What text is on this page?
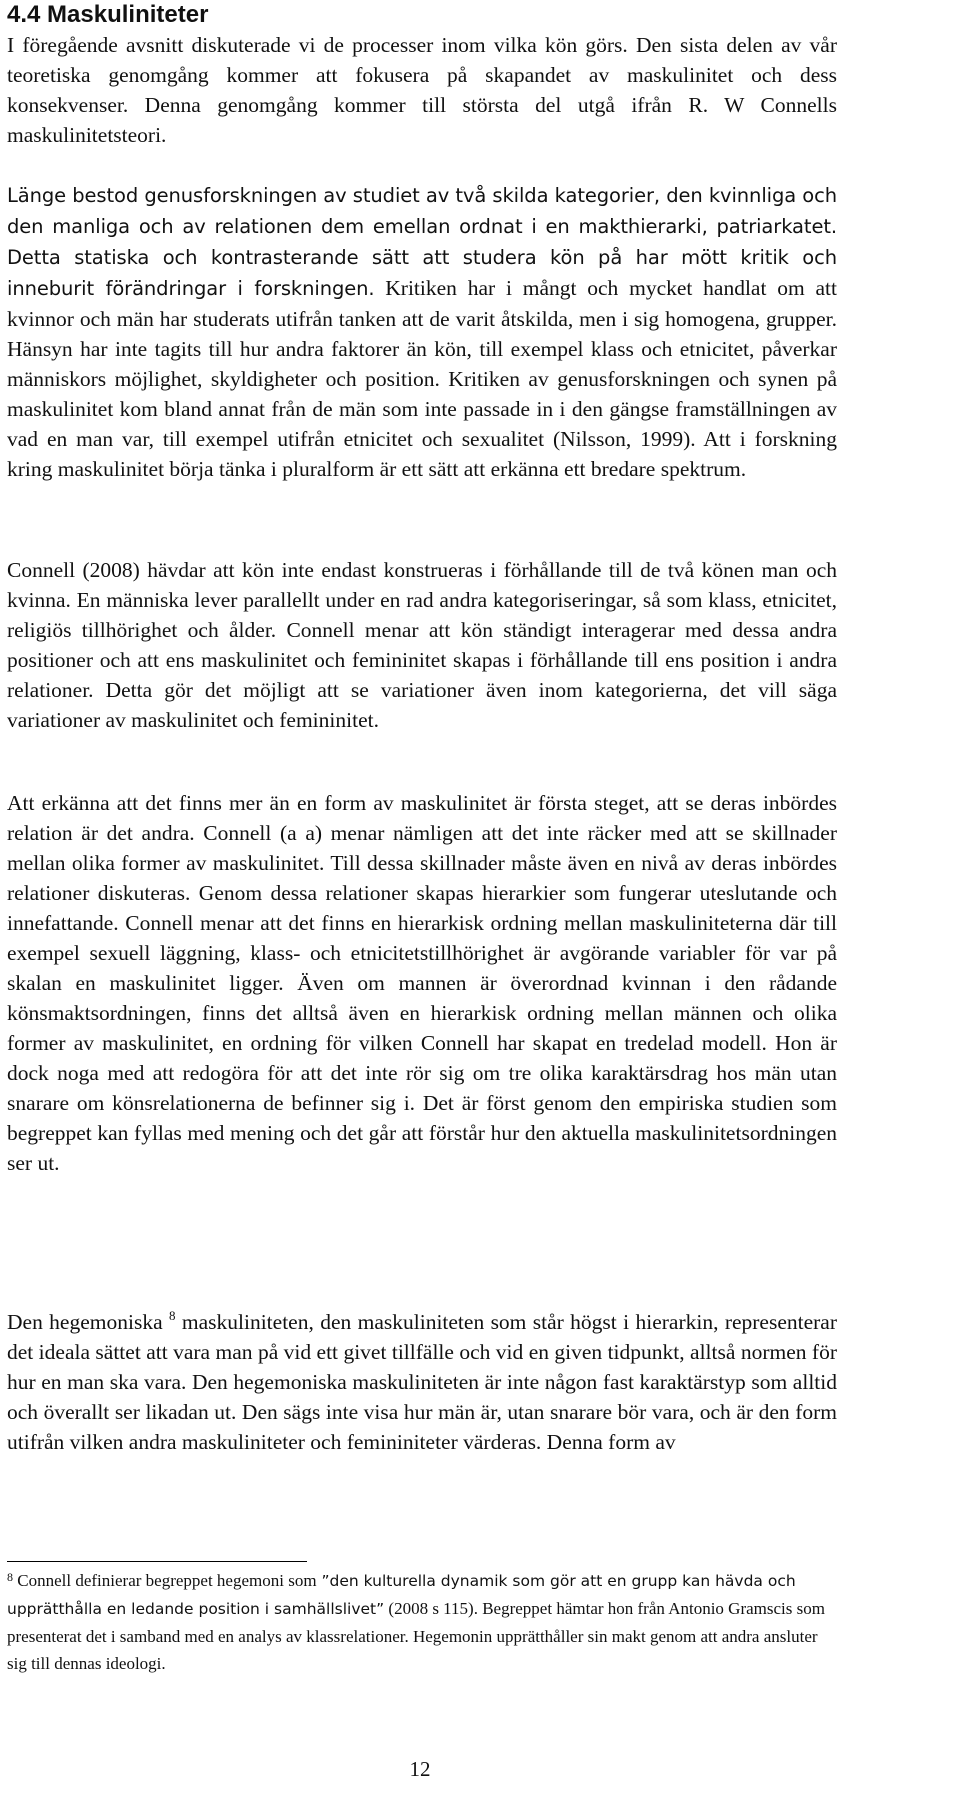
4.4 Maskuliniteter

I föregående avsnitt diskuterade vi de processer inom vilka kön görs. Den sista delen av vår teoretiska genomgång kommer att fokusera på skapandet av maskulinitet och dess konsekvenser. Denna genomgång kommer till största del utgå ifrån R. W Connells maskulinitetsteori.

Länge bestod genusforskningen av studiet av två skilda kategorier, den kvinnliga och den manliga och av relationen dem emellan ordnat i en makthierarki, patriarkatet. Detta statiska och kontrasterande sätt att studera kön på har mött kritik och inneburit förändringar i forskningen. Kritiken har i mångt och mycket handlat om att kvinnor och män har studerats utifrån tanken att de varit åtskilda, men i sig homogena, grupper. Hänsyn har inte tagits till hur andra faktorer än kön, till exempel klass och etnicitet, påverkar människors möjlighet, skyldigheter och position. Kritiken av genusforskningen och synen på maskulinitet kom bland annat från de män som inte passade in i den gängse framställningen av vad en man var, till exempel utifrån etnicitet och sexualitet (Nilsson, 1999). Att i forskning kring maskulinitet börja tänka i pluralform är ett sätt att erkänna ett bredare spektrum.

Connell (2008) hävdar att kön inte endast konstrueras i förhållande till de två könen man och kvinna. En människa lever parallellt under en rad andra kategoriseringar, så som klass, etnicitet, religiös tillhörighet och ålder. Connell menar att kön ständigt interagerar med dessa andra positioner och att ens maskulinitet och femininitet skapas i förhållande till ens position i andra relationer. Detta gör det möjligt att se variationer även inom kategorierna, det vill säga variationer av maskulinitet och femininitet.

Att erkänna att det finns mer än en form av maskulinitet är första steget, att se deras inbördes relation är det andra. Connell (a a) menar nämligen att det inte räcker med att se skillnader mellan olika former av maskulinitet. Till dessa skillnader måste även en nivå av deras inbördes relationer diskuteras. Genom dessa relationer skapas hierarkier som fungerar uteslutande och innefattande. Connell menar att det finns en hierarkisk ordning mellan maskuliniteterna där till exempel sexuell läggning, klass- och etnicitetstillhörighet är avgörande variabler för var på skalan en maskulinitet ligger. Även om mannen är överordnad kvinnan i den rådande könsmaktsordningen, finns det alltså även en hierarkisk ordning mellan männen och olika former av maskulinitet, en ordning för vilken Connell har skapat en tredelad modell. Hon är dock noga med att redogöra för att det inte rör sig om tre olika karaktärsdrag hos män utan snarare om könsrelationerna de befinner sig i. Det är först genom den empiriska studien som begreppet kan fyllas med mening och det går att förstår hur den aktuella maskulinitetsordningen ser ut.

Den hegemoniska $^8$ maskuliniteten, den maskuliniteten som står högst i hierarkin, representerar det ideala sättet att vara man på vid ett givet tillfälle och vid en given tidpunkt, alltså normen för hur en man ska vara. Den hegemoniska maskuliniteten är inte någon fast karaktärstyp som alltid och överallt ser likadan ut. Den sägs inte visa hur män är, utan snarare bör vara, och är den form utifrån vilken andra maskuliniteter och femininiteter värderas. Denna form av

$^8$ Connell definierar begreppet hegemoni som ”den kulturella dynamik som gör att en grupp kan hävda och upprätthålla en ledande position i samhällslivet” (2008 s 115). Begreppet hämtar hon från Antonio Gramscis som presenterat det i samband med en analys av klassrelationer. Hegemonin upprätthåller sin makt genom att andra ansluter sig till dennas ideologi.

12
